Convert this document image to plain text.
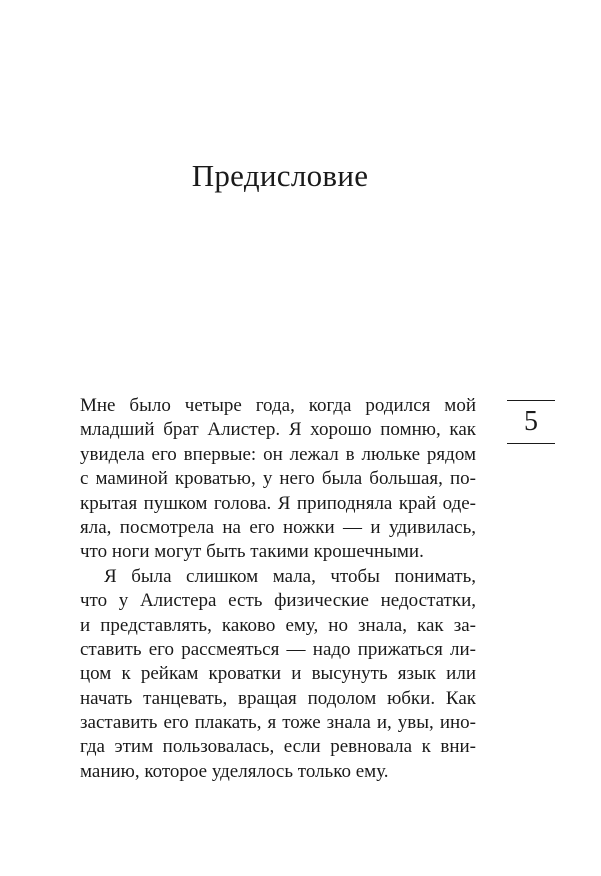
Предисловие
5
Мне было четыре года, когда родился мой
младший брат Алистер. Я хорошо помню, как
увидела его впервые: он лежал в люльке рядом
с маминой кроватью, у него была большая, по-
крытая пушком голова. Я приподняла край оде-
яла, посмотрела на его ножки — и удивилась,
что ноги могут быть такими крошечными.
Я была слишком мала, чтобы понимать,
что у Алистера есть физические недостатки,
и представлять, каково ему, но знала, как за-
ставить его рассмеяться — надо прижаться ли-
цом к рейкам кроватки и высунуть язык или
начать танцевать, вращая подолом юбки. Как
заставить его плакать, я тоже знала и, увы, ино-
гда этим пользовалась, если ревновала к вни-
манию, которое уделялось только ему.
